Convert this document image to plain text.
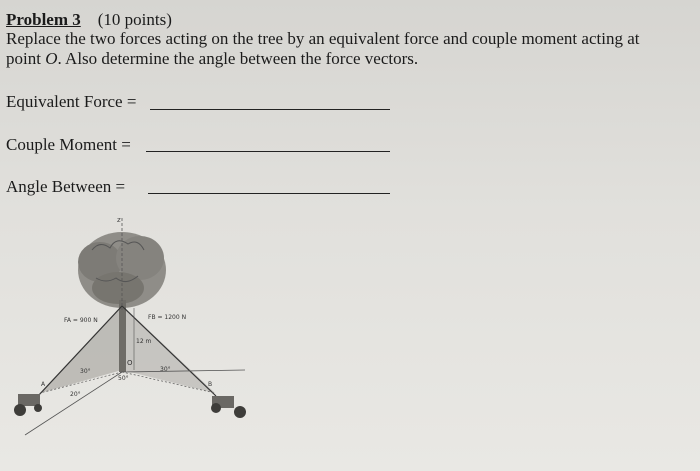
Problem 3 (10 points)
Replace the two forces acting on the tree by an equivalent force and couple moment acting at
point O. Also determine the angle between the force vectors.
Equivalent Force =
Couple Moment =
Angle Between =
z
FA = 900 N	FB = 1200 N
12 m
O
30°	30°
20°
50°
A	B
